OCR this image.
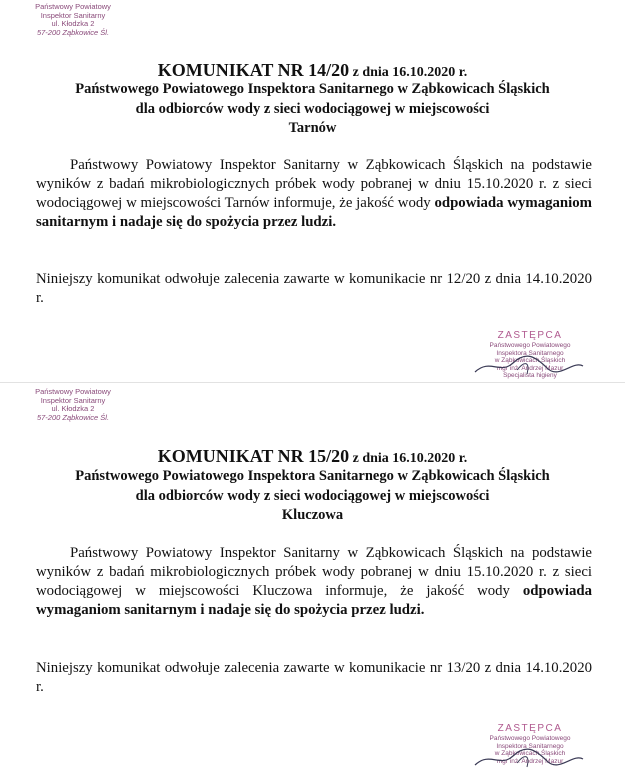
Państwowy Powiatowy
Inspektor Sanitarny
ul. Kłodzka 2
57-200 Ząbkowice Śl.
KOMUNIKAT NR 14/20 z dnia 16.10.2020 r.
Państwowego Powiatowego Inspektora Sanitarnego w Ząbkowicach Śląskich
dla odbiorców wody z sieci wodociągowej w miejscowości
Tarnów
Państwowy Powiatowy Inspektor Sanitarny w Ząbkowicach Śląskich na podstawie wyników z badań mikrobiologicznych próbek wody pobranej w dniu 15.10.2020 r. z sieci wodociągowej w miejscowości Tarnów informuje, że jakość wody odpowiada wymaganiom sanitarnym i nadaje się do spożycia przez ludzi.
Niniejszy komunikat odwołuje zalecenia zawarte w komunikacie nr 12/20 z dnia 14.10.2020 r.
ZASTĘPCA
Państwowego Powiatowego
Inspektora Sanitarnego
w Ząbkowicach Śląskich
mgr inż. Andrzej Mazur
Specjalista higieny
Państwowy Powiatowy
Inspektor Sanitarny
ul. Kłodzka 2
57-200 Ząbkowice Śl.
KOMUNIKAT NR 15/20 z dnia 16.10.2020 r.
Państwowego Powiatowego Inspektora Sanitarnego w Ząbkowicach Śląskich
dla odbiorców wody z sieci wodociągowej w miejscowości
Kluczowa
Państwowy Powiatowy Inspektor Sanitarny w Ząbkowicach Śląskich na podstawie wyników z badań mikrobiologicznych próbek wody pobranej w dniu 15.10.2020 r. z sieci wodociągowej w miejscowości Kluczowa informuje, że jakość wody odpowiada wymaganiom sanitarnym i nadaje się do spożycia przez ludzi.
Niniejszy komunikat odwołuje zalecenia zawarte w komunikacie nr 13/20 z dnia 14.10.2020 r.
ZASTĘPCA
Państwowego Powiatowego
Inspektora Sanitarnego
w Ząbkowicach Śląskich
mgr inż. Andrzej Mazur
